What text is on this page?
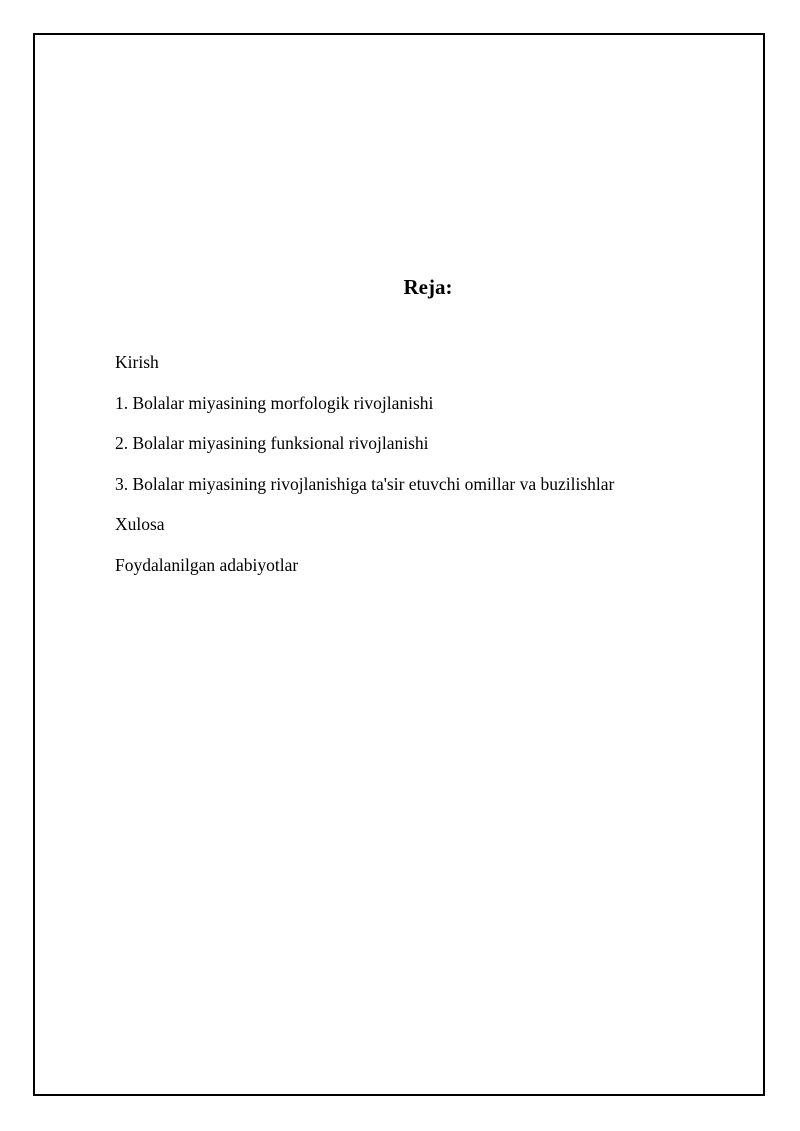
Reja:
Kirish
1. Bolalar miyasining morfologik rivojlanishi
2. Bolalar miyasining funksional rivojlanishi
3. Bolalar miyasining rivojlanishiga ta'sir etuvchi omillar va buzilishlar
Xulosa
Foydalanilgan adabiyotlar
